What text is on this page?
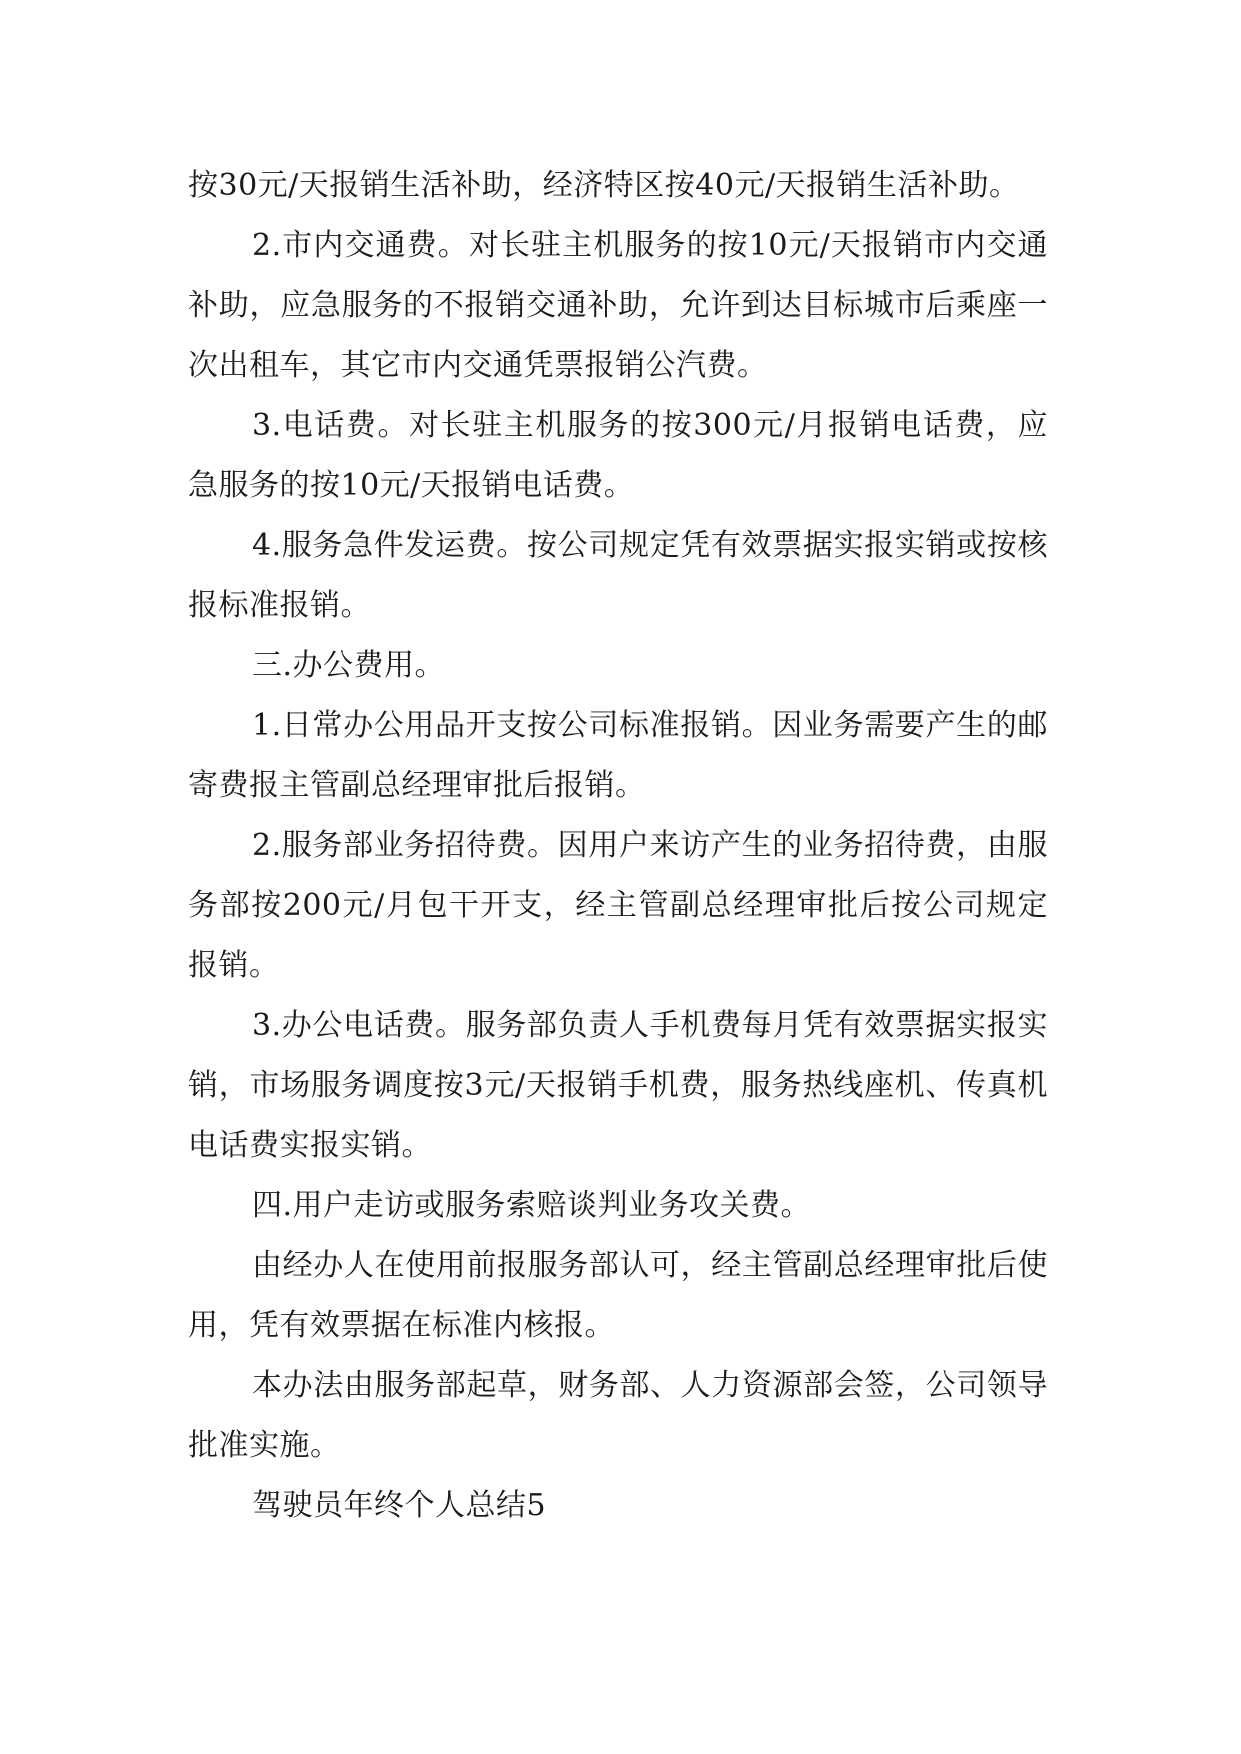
按30元/天报销生活补助，经济特区按40元/天报销生活补助。

2.市内交通费。对长驻主机服务的按10元/天报销市内交通补助，应急服务的不报销交通补助，允许到达目标城市后乘座一次出租车，其它市内交通凭票报销公汽费。

3.电话费。对长驻主机服务的按300元/月报销电话费，应急服务的按10元/天报销电话费。

4.服务急件发运费。按公司规定凭有效票据实报实销或按核报标准报销。

三.办公费用。

1.日常办公用品开支按公司标准报销。因业务需要产生的邮寄费报主管副总经理审批后报销。

2.服务部业务招待费。因用户来访产生的业务招待费，由服务部按200元/月包干开支，经主管副总经理审批后按公司规定报销。

3.办公电话费。服务部负责人手机费每月凭有效票据实报实销，市场服务调度按3元/天报销手机费，服务热线座机、传真机电话费实报实销。

四.用户走访或服务索赔谈判业务攻关费。

由经办人在使用前报服务部认可，经主管副总经理审批后使用，凭有效票据在标准内核报。

本办法由服务部起草，财务部、人力资源部会签，公司领导批准实施。

驾驶员年终个人总结5
